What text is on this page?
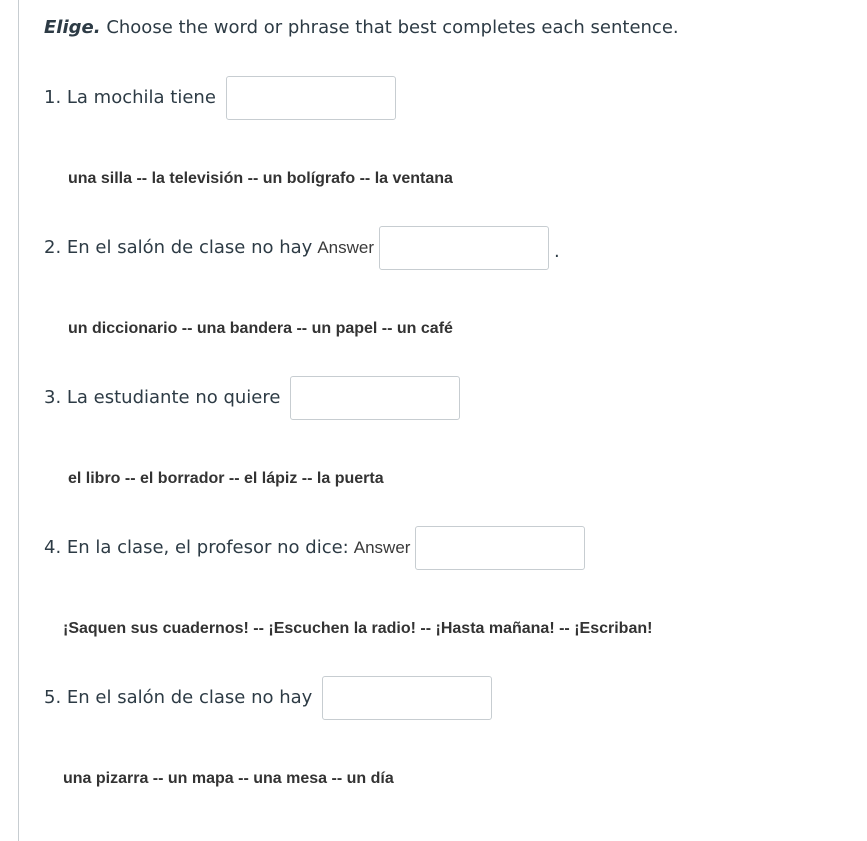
Elige. Choose the word or phrase that best completes each sentence.
1. La mochila tiene
una silla -- la televisión -- un bolígrafo -- la ventana
2. En el salón de clase no hay Answer	.
un diccionario -- una bandera -- un papel -- un café
3. La estudiante no quiere
el libro -- el borrador -- el lápiz -- la puerta
4. En la clase, el profesor no dice: Answer
¡Saquen sus cuadernos! -- ¡Escuchen la radio! -- ¡Hasta mañana! -- ¡Escriban!
5. En el salón de clase no hay
una pizarra -- un mapa -- una mesa -- un día
